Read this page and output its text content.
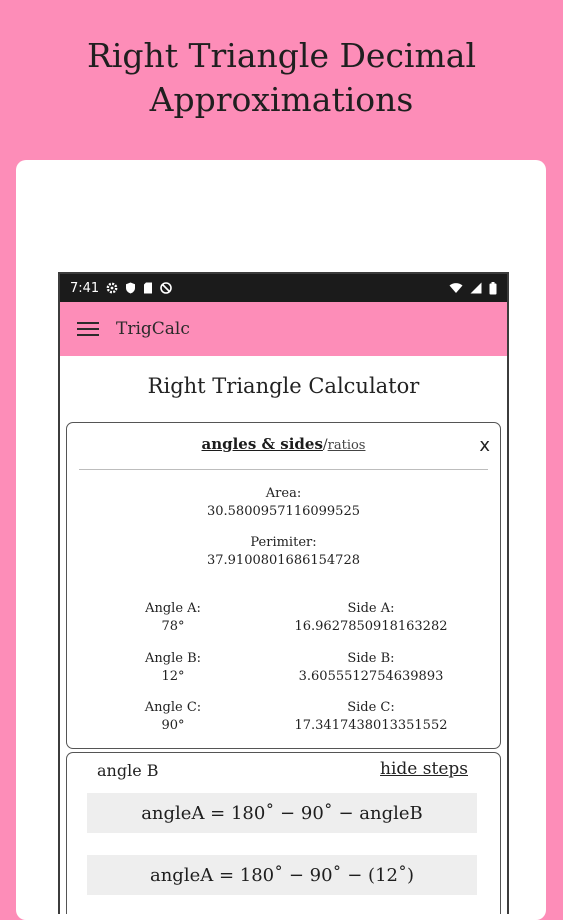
Right Triangle Decimal
Approximations
7:41
TrigCalc
Right Triangle Calculator
angles & sides/ratios	x
Area:
30.5800957116099525
Perimiter:
37.9100801686154728
Angle A:
78°
Angle B:
12°
Angle C:
90°
Side A:
16.9627850918163282
Side B:
3.6055512754639893
Side C:
17.3417438013351552
angle B	hide steps
angleA = 180˚ − 90˚ − angleB
angleA = 180˚ − 90˚ − (12˚)
